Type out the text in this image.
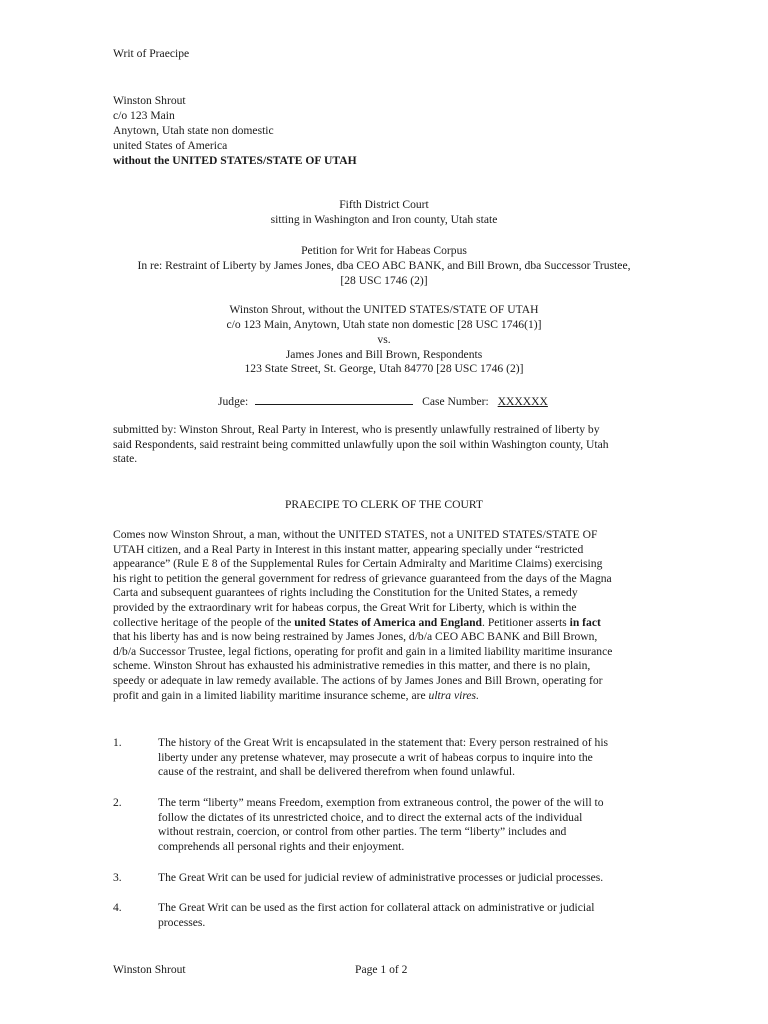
Writ of Praecipe
Winston Shrout
c/o 123 Main
Anytown, Utah state non domestic
united States of America
without the UNITED STATES/STATE OF UTAH
Fifth District Court
sitting in Washington and Iron county, Utah state
Petition for Writ for Habeas Corpus
In re: Restraint of Liberty by James Jones, dba CEO ABC BANK, and Bill Brown, dba Successor Trustee,
[28 USC 1746 (2)]
Winston Shrout, without the UNITED STATES/STATE OF UTAH
c/o 123 Main, Anytown, Utah state non domestic [28 USC 1746(1)]
vs.
James Jones and Bill Brown, Respondents
123 State Street, St. George, Utah 84770 [28 USC 1746 (2)]
Judge:	Case Number: XXXXXX

submitted by: Winston Shrout, Real Party in Interest, who is presently unlawfully restrained of liberty by

said Respondents, said restraint being committed unlawfully upon the soil within Washington county, Utah

state.

PRAECIPE TO CLERK OF THE COURT

Comes now Winston Shrout, a man, without the UNITED STATES, not a UNITED STATES/STATE OF

UTAH citizen, and a Real Party in Interest in this instant matter, appearing specially under “restricted

appearance” (Rule E 8 of the Supplemental Rules for Certain Admiralty and Maritime Claims) exercising

his right to petition the general government for redress of grievance guaranteed from the days of the Magna

Carta and subsequent guarantees of rights including the Constitution for the United States, a remedy

provided by the extraordinary writ for habeas corpus, the Great Writ for Liberty, which is within the

collective heritage of the people of the united States of America and England. Petitioner asserts in fact

that his liberty has and is now being restrained by James Jones, d/b/a CEO ABC BANK and Bill Brown,

d/b/a Successor Trustee, legal fictions, operating for profit and gain in a limited liability maritime insurance

scheme. Winston Shrout has exhausted his administrative remedies in this matter, and there is no plain,

speedy or adequate in law remedy available. The actions of by James Jones and Bill Brown, operating for

profit and gain in a limited liability maritime insurance scheme, are ultra vires.

1.	The history of the Great Writ is encapsulated in the statement that: Every person restrained of his

liberty under any pretense whatever, may prosecute a writ of habeas corpus to inquire into the

cause of the restraint, and shall be delivered therefrom when found unlawful.

2.	The term “liberty” means Freedom, exemption from extraneous control, the power of the will to

follow the dictates of its unrestricted choice, and to direct the external acts of the individual

without restrain, coercion, or control from other parties. The term “liberty” includes and

comprehends all personal rights and their enjoyment.

3.	The Great Writ can be used for judicial review of administrative processes or judicial processes.

4.	The Great Writ can be used as the first action for collateral attack on administrative or judicial

processes.

Winston Shrout	Page 1 of 2
